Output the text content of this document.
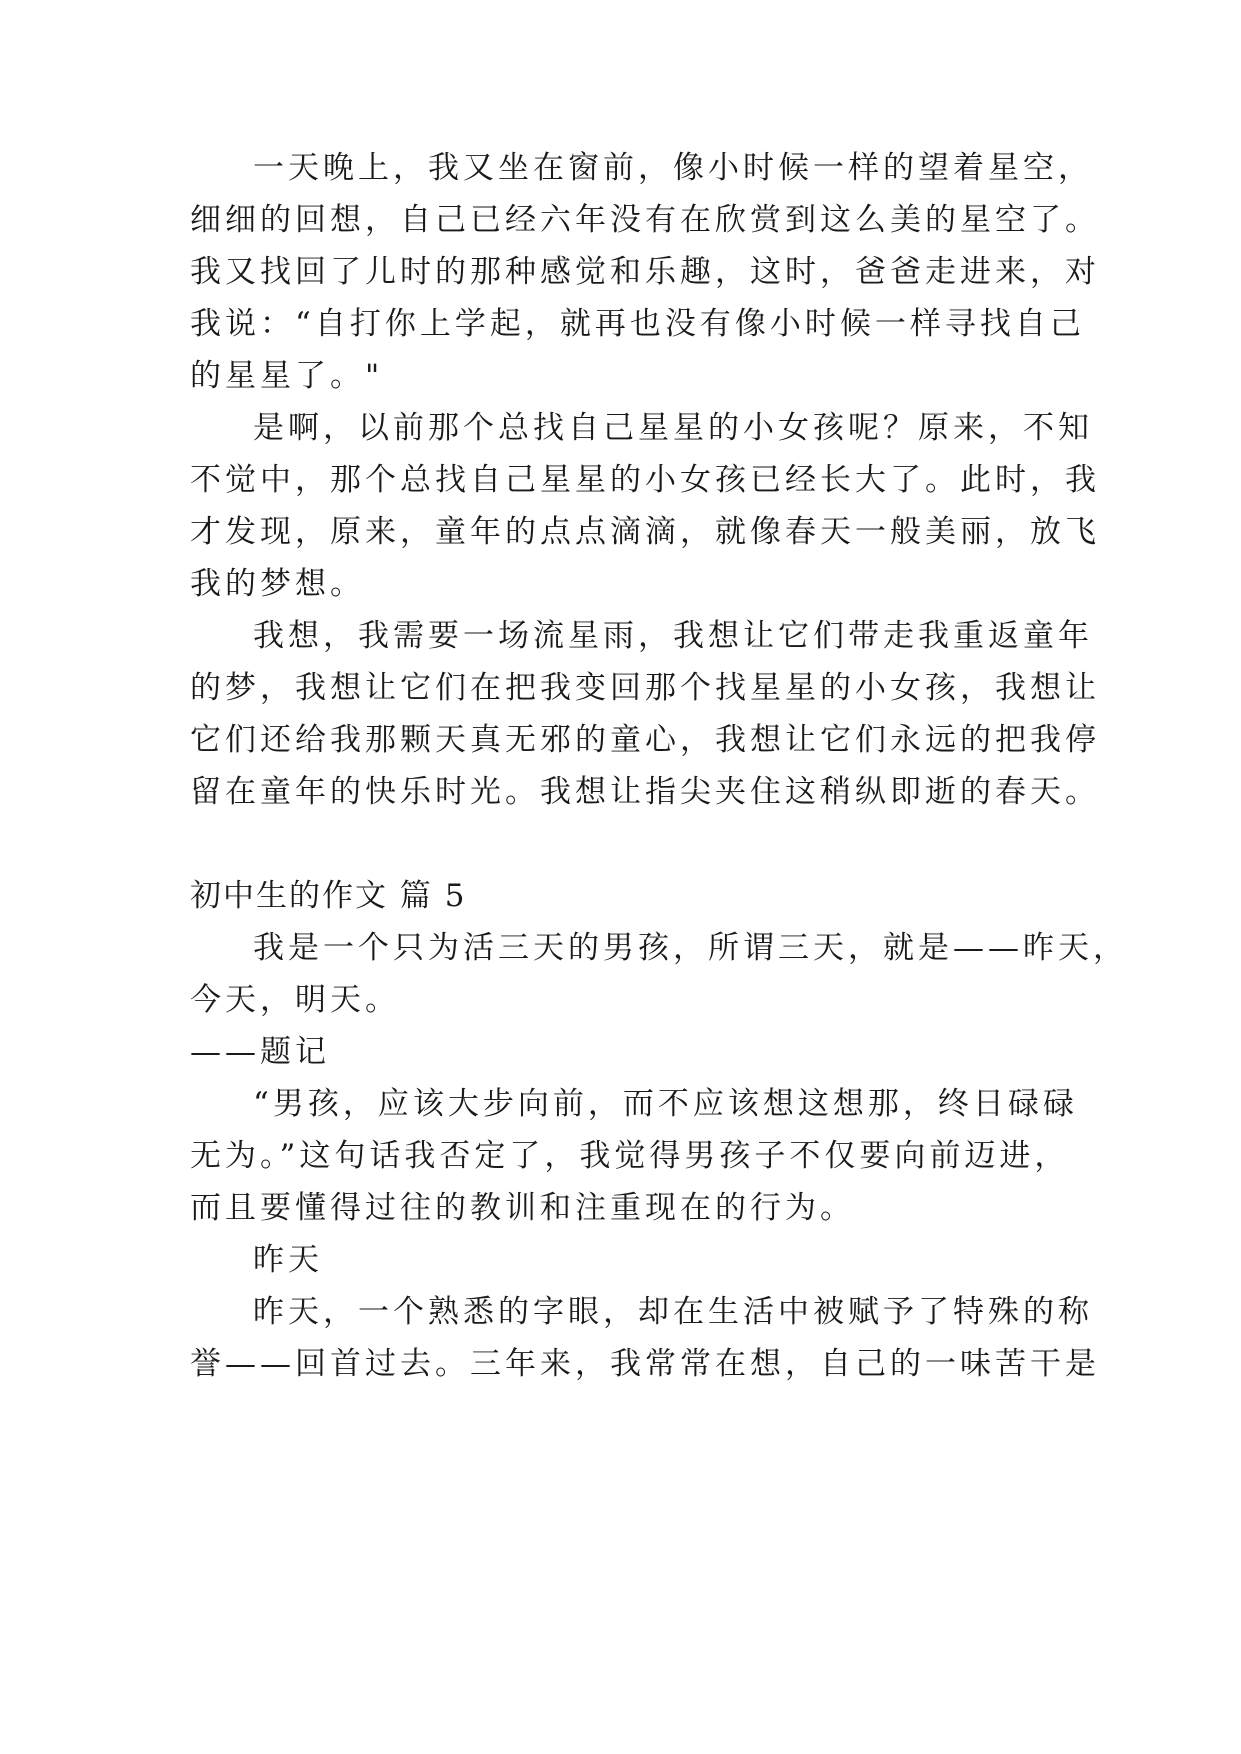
一天晚上，我又坐在窗前，像小时候一样的望着星空，

细细的回想，自己已经六年没有在欣赏到这么美的星空了。

我又找回了儿时的那种感觉和乐趣，这时，爸爸走进来，对

我说：“自打你上学起，就再也没有像小时候一样寻找自己

的星星了。"

是啊，以前那个总找自己星星的小女孩呢？原来，不知

不觉中，那个总找自己星星的小女孩已经长大了。此时，我

才发现，原来，童年的点点滴滴，就像春天一般美丽，放飞

我的梦想。

我想，我需要一场流星雨，我想让它们带走我重返童年

的梦，我想让它们在把我变回那个找星星的小女孩，我想让

它们还给我那颗天真无邪的童心，我想让它们永远的把我停

留在童年的快乐时光。我想让指尖夹住这稍纵即逝的春天。

初中生的作文 篇 5

我是一个只为活三天的男孩，所谓三天，就是——昨天，

今天，明天。

——题记

“男孩，应该大步向前，而不应该想这想那，终日碌碌

无为。”这句话我否定了，我觉得男孩子不仅要向前迈进，

而且要懂得过往的教训和注重现在的行为。

昨天

昨天，一个熟悉的字眼，却在生活中被赋予了特殊的称

誉——回首过去。三年来，我常常在想，自己的一味苦干是
